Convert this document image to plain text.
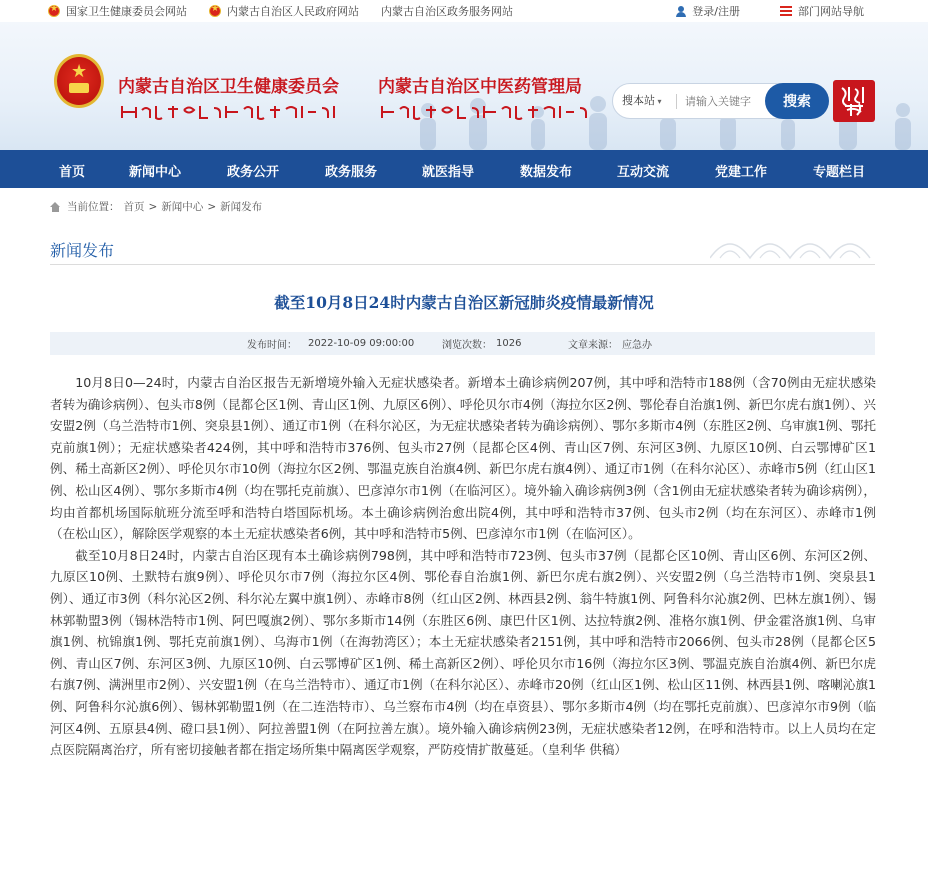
★
国家卫生健康委员会网站
★	内蒙古自治区人民政府网站 内蒙古自治区政务服务网站	登录/注册	部门网站导航
★
内蒙古自治区卫生健康委员会 内蒙古自治区中医药管理局
搜本站 ▾
请输入关键字	搜索
首页	新闻中心	政务公开	政务服务	就医指导	数据发布	互动交流	党建工作	专题栏目
当前位置： 首页 > 新闻中心 > 新闻发布
新闻发布
截至10月8日24时内蒙古自治区新冠肺炎疫情最新情况
发布时间： 2022-10-09 09:00:00	浏览次数： 1026	文章来源： 应急办

10月8日0—24时，内蒙古自治区报告无新增境外输入无症状感染者。新增本土确诊病例207例，其中呼和浩特市188例（含70例由无症状感染者转为确诊病例）、包头市8例（昆都仑区1例、青山区1例、九原区6例）、呼伦贝尔市4例（海拉尔区2例、鄂伦春自治旗1例、新巴尔虎右旗1例）、兴安盟2例（乌兰浩特市1例、突泉县1例）、通辽市1例（在科尔沁区，为无症状感染者转为确诊病例）、鄂尔多斯市4例（东胜区2例、乌审旗1例、鄂托克前旗1例）；无症状感染者424例，其中呼和浩特市376例、包头市27例（昆都仑区4例、青山区7例、东河区3例、九原区10例、白云鄂博矿区1例、稀土高新区2例）、呼伦贝尔市10例（海拉尔区2例、鄂温克族自治旗4例、新巴尔虎右旗4例）、通辽市1例（在科尔沁区）、赤峰市5例（红山区1例、松山区4例）、鄂尔多斯市4例（均在鄂托克前旗）、巴彦淖尔市1例（在临河区）。境外输入确诊病例3例（含1例由无症状感染者转为确诊病例），均由首都机场国际航班分流至呼和浩特白塔国际机场。本土确诊病例治愈出院4例，其中呼和浩特市37例、包头市2例（均在东河区）、赤峰市1例（在松山区），解除医学观察的本土无症状感染者6例，其中呼和浩特市5例、巴彦淖尔市1例（在临河区）。

截至10月8日24时，内蒙古自治区现有本土确诊病例798例，其中呼和浩特市723例、包头市37例（昆都仑区10例、青山区6例、东河区2例、九原区10例、土默特右旗9例）、呼伦贝尔市7例（海拉尔区4例、鄂伦春自治旗1例、新巴尔虎右旗2例）、兴安盟2例（乌兰浩特市1例、突泉县1例）、通辽市3例（科尔沁区2例、科尔沁左翼中旗1例）、赤峰市8例（红山区2例、林西县2例、翁牛特旗1例、阿鲁科尔沁旗2例、巴林左旗1例）、锡林郭勒盟3例（锡林浩特市1例、阿巴嘎旗2例）、鄂尔多斯市14例（东胜区6例、康巴什区1例、达拉特旗2例、准格尔旗1例、伊金霍洛旗1例、乌审旗1例、杭锦旗1例、鄂托克前旗1例）、乌海市1例（在海勃湾区）；本土无症状感染者2151例，其中呼和浩特市2066例、包头市28例（昆都仑区5例、青山区7例、东河区3例、九原区10例、白云鄂博矿区1例、稀土高新区2例）、呼伦贝尔市16例（海拉尔区3例、鄂温克族自治旗4例、新巴尔虎右旗7例、满洲里市2例）、兴安盟1例（在乌兰浩特市）、通辽市1例（在科尔沁区）、赤峰市20例（红山区1例、松山区11例、林西县1例、喀喇沁旗1例、阿鲁科尔沁旗6例）、锡林郭勒盟1例（在二连浩特市）、乌兰察布市4例（均在卓资县）、鄂尔多斯市4例（均在鄂托克前旗）、巴彦淖尔市9例（临河区4例、五原县4例、磴口县1例）、阿拉善盟1例（在阿拉善左旗）。境外输入确诊病例23例，无症状感染者12例，在呼和浩特市。以上人员均在定点医院隔离治疗，所有密切接触者都在指定场所集中隔离医学观察，严防疫情扩散蔓延。（皇利华 供稿）
